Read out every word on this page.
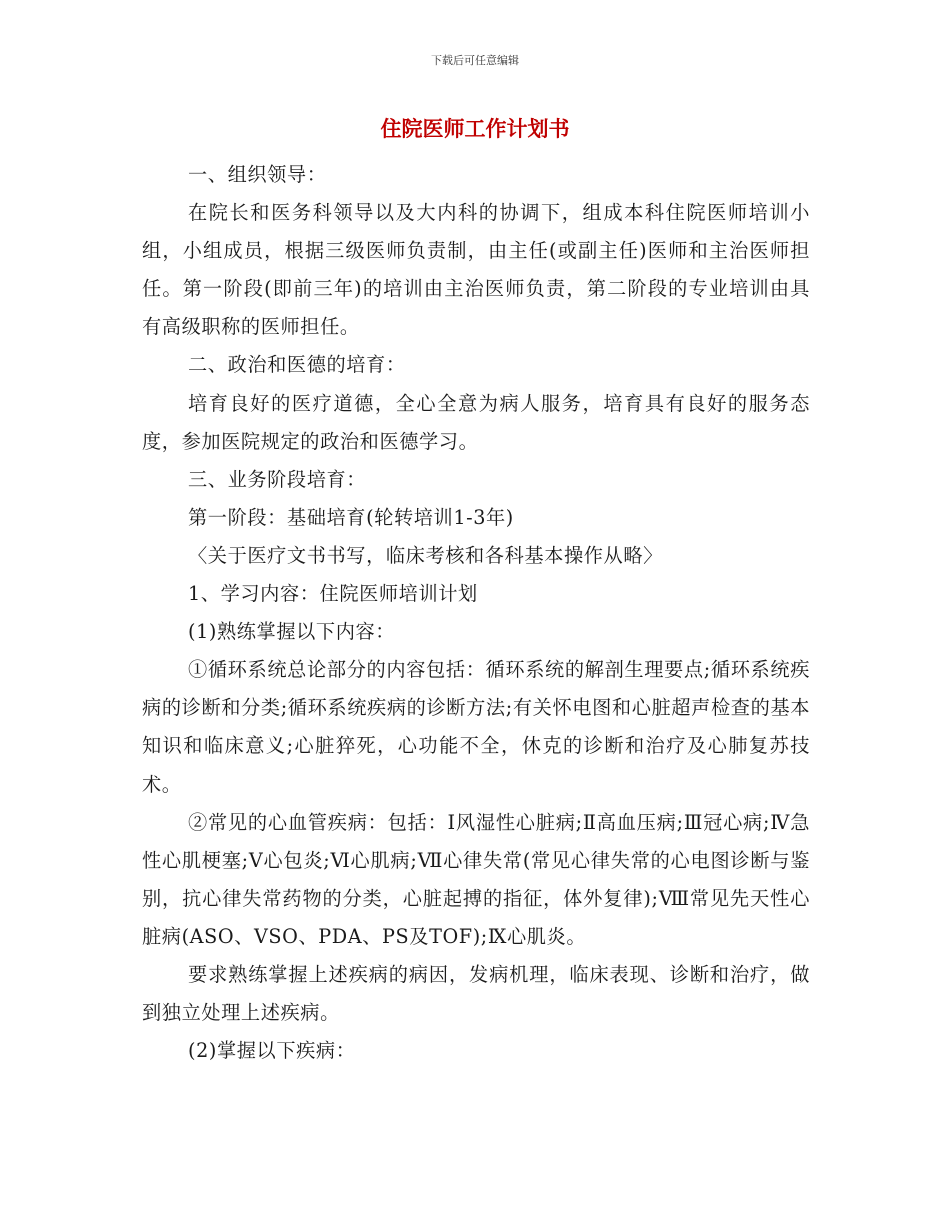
下载后可任意编辑
住院医师工作计划书

一、组织领导：

在院长和医务科领导以及大内科的协调下，组成本科住院医师培训小组，小组成员，根据三级医师负责制，由主任(或副主任)医师和主治医师担任。第一阶段(即前三年)的培训由主治医师负责，第二阶段的专业培训由具有高级职称的医师担任。

二、政治和医德的培育：

培育良好的医疗道德，全心全意为病人服务，培育具有良好的服务态度，参加医院规定的政治和医德学习。

三、业务阶段培育：

第一阶段：基础培育(轮转培训1-3年)

〈关于医疗文书书写，临床考核和各科基本操作从略〉

1、学习内容：住院医师培训计划

(1)熟练掌握以下内容：

①循环系统总论部分的内容包括：循环系统的解剖生理要点;循环系统疾病的诊断和分类;循环系统疾病的诊断方法;有关怀电图和心脏超声检查的基本知识和临床意义;心脏猝死，心功能不全，休克的诊断和治疗及心肺复苏技术。

②常见的心血管疾病：包括：Ⅰ风湿性心脏病;Ⅱ高血压病;Ⅲ冠心病;Ⅳ急性心肌梗塞;Ⅴ心包炎;Ⅵ心肌病;Ⅶ心律失常(常见心律失常的心电图诊断与鉴别，抗心律失常药物的分类，心脏起搏的指征，体外复律);Ⅷ常见先天性心脏病(ASO、VSO、PDA、PS及TOF);Ⅸ心肌炎。

要求熟练掌握上述疾病的病因，发病机理，临床表现、诊断和治疗，做到独立处理上述疾病。

(2)掌握以下疾病：
